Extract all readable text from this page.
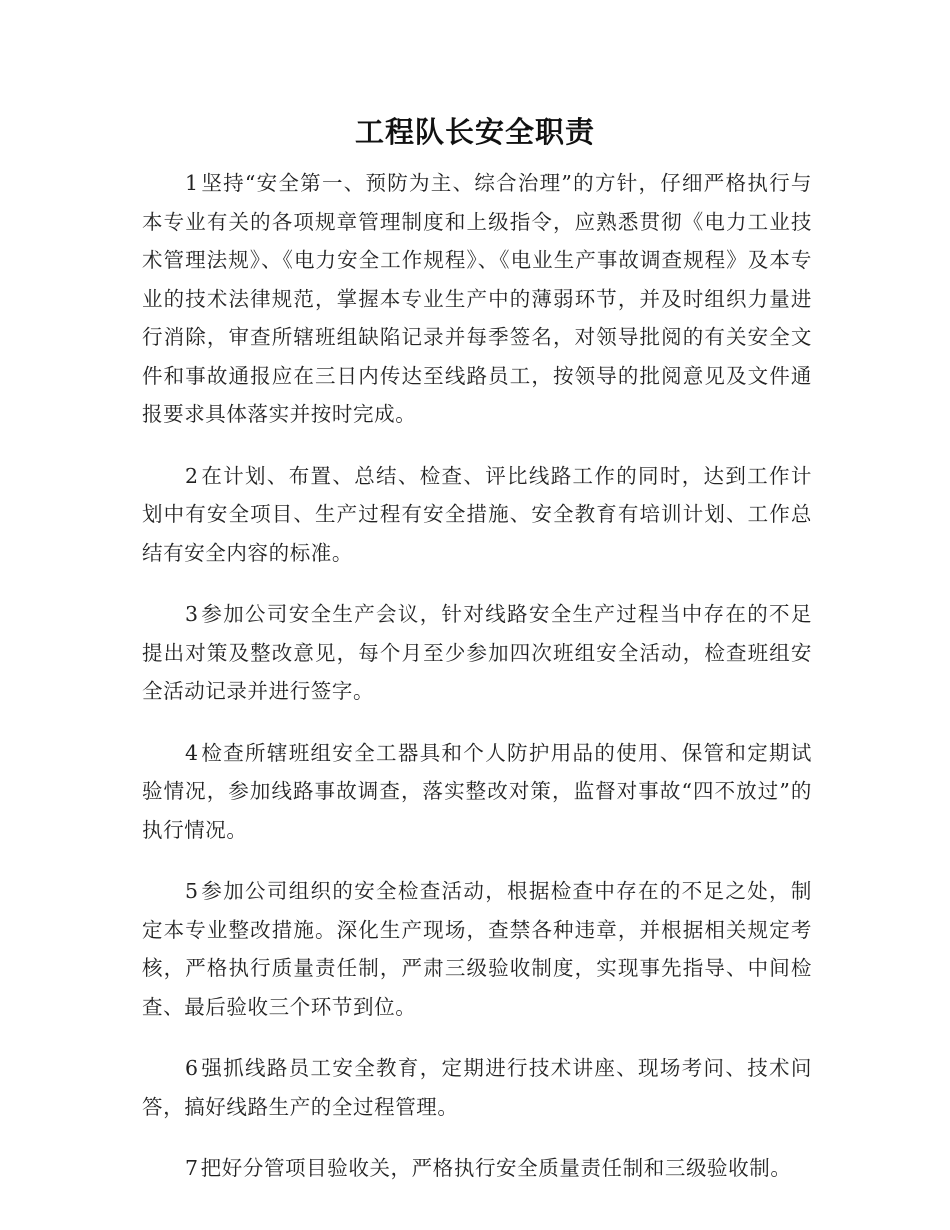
工程队长安全职责

1坚持“安全第一、预防为主、综合治理”的方针，仔细严格执行与本专业有关的各项规章管理制度和上级指令，应熟悉贯彻《电力工业技术管理法规》、《电力安全工作规程》、《电业生产事故调查规程》及本专业的技术法律规范，掌握本专业生产中的薄弱环节，并及时组织力量进行消除，审查所辖班组缺陷记录并每季签名，对领导批阅的有关安全文件和事故通报应在三日内传达至线路员工，按领导的批阅意见及文件通报要求具体落实并按时完成。

2在计划、布置、总结、检查、评比线路工作的同时，达到工作计划中有安全项目、生产过程有安全措施、安全教育有培训计划、工作总结有安全内容的标准。

3参加公司安全生产会议，针对线路安全生产过程当中存在的不足提出对策及整改意见，每个月至少参加四次班组安全活动，检查班组安全活动记录并进行签字。

4检查所辖班组安全工器具和个人防护用品的使用、保管和定期试验情况，参加线路事故调查，落实整改对策，监督对事故“四不放过”的执行情况。

5参加公司组织的安全检查活动，根据检查中存在的不足之处，制定本专业整改措施。深化生产现场，查禁各种违章，并根据相关规定考核，严格执行质量责任制，严肃三级验收制度，实现事先指导、中间检查、最后验收三个环节到位。

6强抓线路员工安全教育，定期进行技术讲座、现场考问、技术问答，搞好线路生产的全过程管理。

7把好分管项目验收关，严格执行安全质量责任制和三级验收制。
